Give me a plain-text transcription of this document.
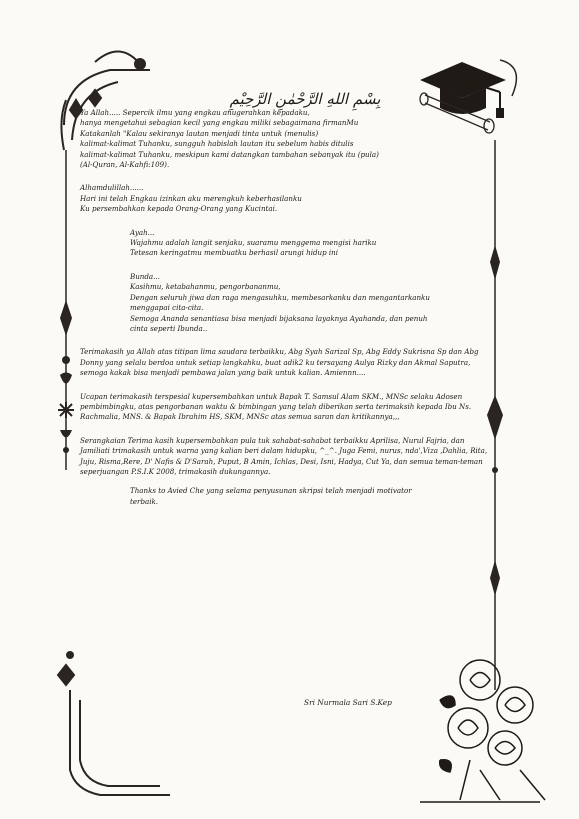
بِسْمِ اللهِ الرَّحْمٰنِ الرَّحِيْمِ

Ya Allah..... Sepercik ilmu yang engkau anugerahkan kepadaku,

hanya mengetahui sebagian kecil yang engkau miliki sebagaimana firmanMu

Katakanlah "Kalau sekiranya lautan menjadi tinta untuk (menulis)

kalimat-kalimat Tuhanku, sungguh habislah lautan itu sebelum habis ditulis

kalimat-kalimat Tuhanku, meskipun kami datangkan tambahan sebanyak itu (pula)

(Al-Quran, Al-Kahfi:109).

Alhamdulillah......

Hari ini telah Engkau izinkan aku merengkuh keberhasilanku

Ku persembahkan kepada Orang-Orang yang Kucintai.

Ayah...

Wajahmu adalah langit senjaku, suaramu menggema mengisi hariku

Tetesan keringatmu membuatku berhasil arungi hidup ini

Bunda...

Kasihmu, ketabahanmu, pengorbananmu,

Dengan seluruh jiwa dan raga mengasuhku, membesarkanku dan mengantarkanku

menggapai cita-cita.

Semoga Ananda senantiasa bisa menjadi bijaksana layaknya Ayahanda, dan penuh

cinta seperti Ibunda..

Terimakasih ya Allah atas titipan lima saudara terbaikku, Abg Syah Sarizal Sp, Abg Eddy Sukrisna Sp dan Abg Donny yang selalu berdoa untuk setiap langkahku, buat adik2 ku tersayang Aulya Rizky dan Akmal Saputra, semoga kakak bisa menjadi pembawa jalan yang baik untuk kalian. Amiennn....

Ucapan terimakasih terspesial kupersembahkan untuk Bapak T. Samsul Alam SKM., MNSc selaku Adosen pembimbingku, atas pengorbanan waktu & bimbingan yang telah diberikan serta terimaksih kepada Ibu Ns. Rachmalia, MNS. & Bapak Ibrahim HS, SKM, MNSc atas semua saran dan kritikannya,,,

Serangkaian Terima kasih kupersembahkan pula tuk sahabat-sahabat terbaikku Aprilisa, Nurul Fajria, dan Jamiliati trimakasih untuk warna yang kalian beri dalam hidupku, ^_^. Juga Femi, nurus, nda',Viza ,Dahlia, Rita, Juju, Risma,Rere, D' Nafis & D'Sarah, Puput, B Amin, Ichlas, Desi, Isni, Hadya, Cut Ya, dan semua teman-teman seperjuangan P.S.I.K 2008, trimakasih dukungannya.

Thanks to Avied Che yang selama penyusunan skripsi telah menjadi motivator

terbaik.

Sri Nurmala Sari S.Kep
